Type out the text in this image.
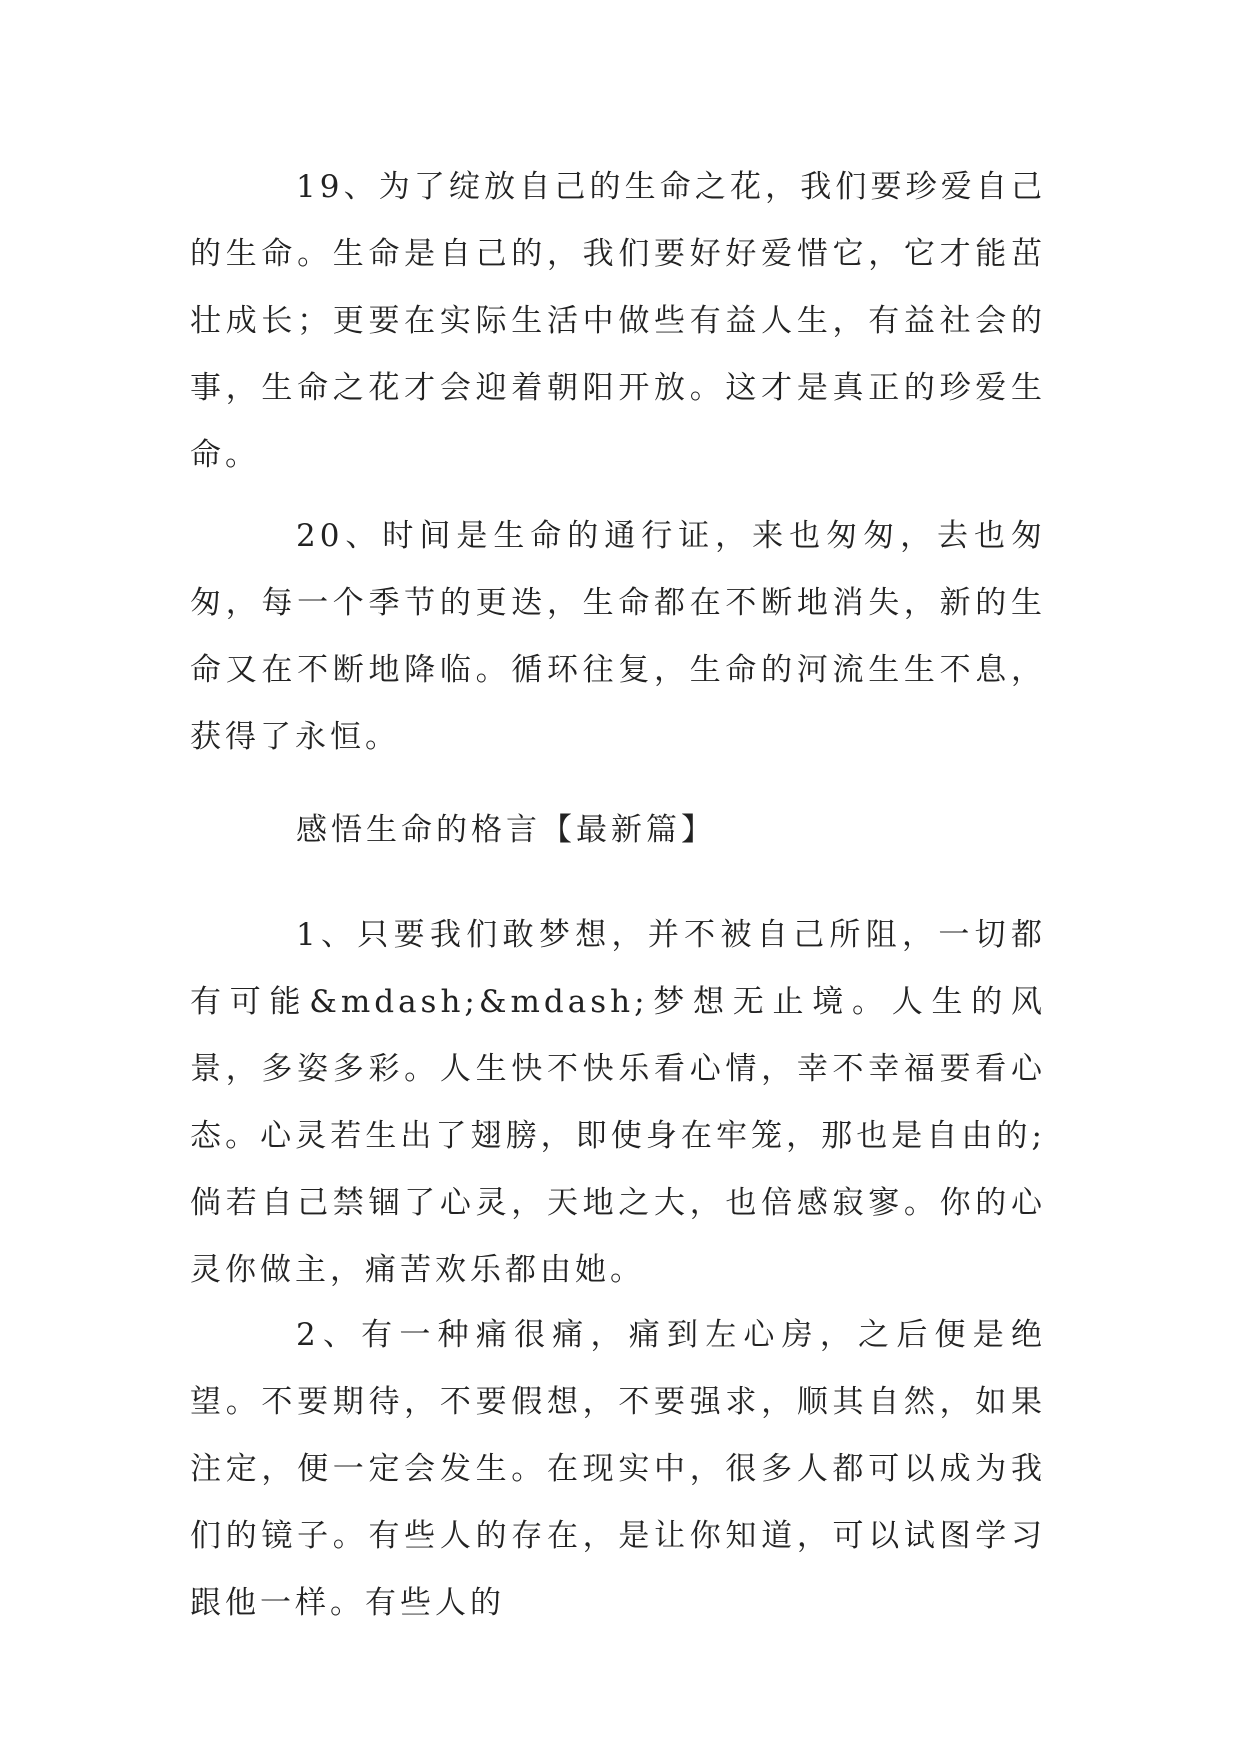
19、为了绽放自己的生命之花，我们要珍爱自己的生命。生命是自己的，我们要好好爱惜它，它才能茁壮成长；更要在实际生活中做些有益人生，有益社会的事，生命之花才会迎着朝阳开放。这才是真正的珍爱生命。

20、时间是生命的通行证，来也匆匆，去也匆匆，每一个季节的更迭，生命都在不断地消失，新的生命又在不断地降临。循环往复，生命的河流生生不息，获得了永恒。

感悟生命的格言【最新篇】

1、只要我们敢梦想，并不被自己所阻，一切都有可能&mdash;&mdash;梦想无止境。人生的风景，多姿多彩。人生快不快乐看心情，幸不幸福要看心态。心灵若生出了翅膀，即使身在牢笼，那也是自由的;倘若自己禁锢了心灵，天地之大，也倍感寂寥。你的心灵你做主，痛苦欢乐都由她。

2、有一种痛很痛，痛到左心房，之后便是绝望。不要期待，不要假想，不要强求，顺其自然，如果注定，便一定会发生。在现实中，很多人都可以成为我们的镜子。有些人的存在，是让你知道，可以试图学习跟他一样。有些人的
